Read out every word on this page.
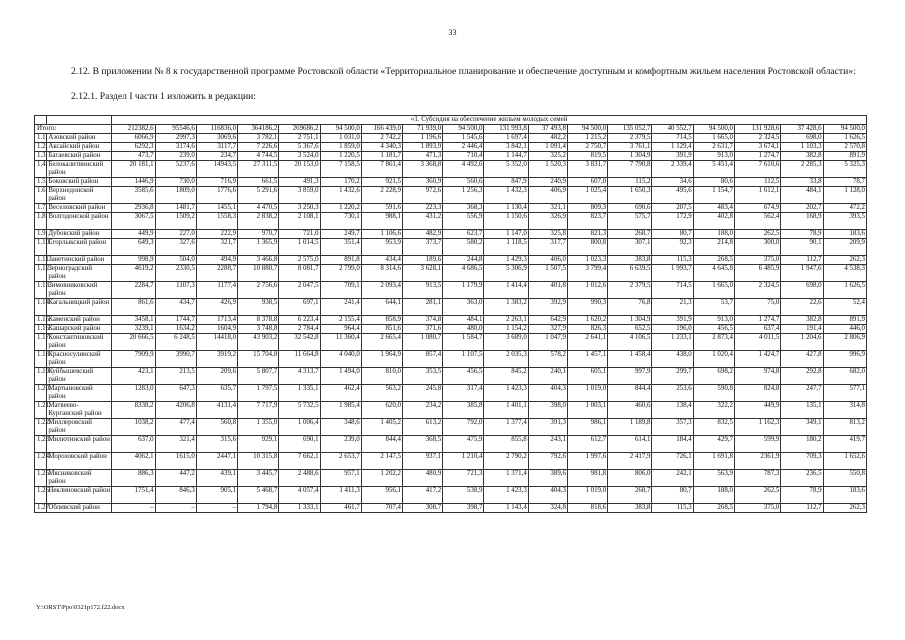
33
2.12. В приложении № 8 к государственной программе Ростовской области «Территориальное планирование и обеспечение доступным и комфортным жильем населения Ростовской области»:
2.12.1. Раздел I части 1 изложить в редакции:
		«1. Субсидия на обеспечение жильем молодых семей																	
Итого:		212382,6	95546,6	116836,0	364186,2	269686,2	94 500,0	166 439,0	71 939,0	94 500,0	131 993,8	37 493,8	94 500,0	135 052,7	40 552,7	94 500,0	131 928,6	37 428,6	94 500,0
1.1.	Азовский район	6066,9	2997,3	3069,6	3 782,1	2 751,1	1 031,0	2 742,2	1 196,6	1 545,6	1 697,4	482,2	1 215,2	2 379,5	714,5	1 665,0	2 324,5	698,0	1 626,5
1.2.	Аксайский район	6292,3	3174,6	3117,7	7 226,6	5 367,6	1 859,0	4 340,3	1 893,9	2 446,4	3 842,1	1 091,4	2 750,7	3 761,1	1 129,4	2 631,7	3 674,1	1 103,3	2 570,8
1.3.	Багаевский район	473,7	239,0	234,7	4 744,5	3 524,0	1 220,5	1 181,7	471,3	710,4	1 144,7	325,2	819,5	1 304,9	391,9	913,0	1 274,7	382,8	891,9
1.4.	Белокалитвинский район	20 181,1	5237,6	14943,5	27 311,5	20 153,0	7 158,5	7 861,4	3 368,8	4 492,6	5 352,0	1 520,3	3 831,7	7 790,8	2 339,4	5 451,4	7 610,6	2 285,3	5 325,3
1.5.	Боковский район	1446,9	730,0	716,9	661,5	491,3	170,2	921,5	360,9	560,6	847,9	240,9	607,0	115,2	34,6	80,6	112,5	33,8	78,7
1.6.	Верхнедонской район	3585,6	1809,0	1776,6	5 291,6	3 859,0	1 432,6	2 228,9	972,6	1 256,3	1 432,3	406,9	1 025,4	1 650,3	495,6	1 154,7	1 612,1	484,1	1 128,0
1.7.	Веселовский район	2936,8	1481,7	1455,1	4 470,5	3 250,3	1 220,2	591,6	223,3	368,3	1 130,4	321,1	809,3	690,6	207,5	483,4	674,9	202,7	472,2
1.8.	Волгодонской район	3067,5	1509,2	1558,3	2 838,2	2 108,1	730,1	988,1	431,2	556,9	1 150,6	326,9	823,7	575,7	172,9	402,8	562,4	168,9	393,5
1.9.	Дубовский район	449,9	227,0	222,9	970,7	721,0	249,7	1 106,6	482,9	623,7	1 147,0	325,8	821,3	268,7	80,7	188,0	262,5	78,9	183,6
1.10.	Егорлыкский район	649,3	327,6	321,7	1 365,9	1 014,5	351,4	953,9	373,7	580,2	1 118,5	317,7	800,8	307,1	92,3	214,8	300,0	90,1	209,9
1.11.	Заветинский район	998,9	504,0	494,9	3 466,8	2 575,0	891,8	434,4	189,6	244,8	1 429,3	406,0	1 023,3	383,8	115,3	268,5	375,0	112,7	262,3
1.12.	Зерноградский район	4619,2	2330,5	2288,7	10 880,7	8 081,7	2 799,0	8 314,6	3 628,1	4 686,5	5 306,9	1 507,5	3 799,4	6 639,5	1 993,7	4 645,8	6 485,9	1 947,6	4 538,3
1.13.	Зимовниковский район	2284,7	1107,3	1177,4	2 756,6	2 047,5	709,1	2 093,4	913,5	1 179,9	1 414,4	401,8	1 012,6	2 379,5	714,5	1 665,0	2 324,5	698,0	1 626,5
1.14.	Кагальницкий район	861,6	434,7	426,9	938,5	697,1	241,4	644,1	281,1	363,0	1 383,2	392,9	990,3	76,8	21,3	53,7	75,0	22,6	52,4
1.15.	Каменский район	3458,1	1744,7	1713,4	8 378,8	6 223,4	2 155,4	858,9	374,8	484,1	2 263,1	642,9	1 620,2	1 304,9	391,9	913,0	1 274,7	382,8	891,9
1.16.	Кашарский район	3239,1	1634,2	1604,9	3 748,8	2 784,4	964,4	851,6	371,6	480,0	1 154,2	327,9	826,3	652,5	196,0	456,5	637,4	191,4	446,0
1.17.	Константиновский район	20 666,5	6 248,5	14418,0	43 903,2	32 542,8	11 360,4	2 665,4	1 080,7	1 584,7	3 689,0	1 047,9	2 641,1	4 106,5	1 233,1	2 873,4	4 011,5	1 204,6	2 806,9
1.18.	Красносулинский район	7909,9	3990,7	3919,2	15 704,8	11 664,8	4 040,0	1 964,9	857,4	1 107,5	2 035,3	578,2	1 457,1	1 458,4	438,0	1 020,4	1 424,7	427,8	996,9
1.19.	Куйбышевский район	423,1	213,5	209,6	5 807,7	4 313,7	1 494,0	810,0	353,5	456,5	845,2	240,1	605,1	997,9	299,7	698,2	974,8	292,8	682,0
1.20.	Мартыновский район	1283,0	647,3	635,7	1 797,5	1 335,1	462,4	563,2	245,8	317,4	1 423,3	404,3	1 019,0	844,4	253,6	590,8	824,8	247,7	577,1
1.21.	Матвеево-Курганский район	8338,2	4206,8	4131,4	7 717,9	5 732,5	1 985,4	620,0	234,2	385,8	1 401,1	398,0	1 003,1	460,6	138,4	322,2	449,9	135,1	314,8
1.22.	Миллеровский район	1038,2	477,4	560,8	1 355,0	1 006,4	348,6	1 405,2	613,2	792,0	1 377,4	391,3	986,1	1 189,8	357,3	832,5	1 162,3	349,1	813,2
1.23.	Милютинский район	637,0	321,4	315,6	929,1	690,1	239,0	844,4	368,5	475,9	855,8	243,1	612,7	614,1	184,4	429,7	599,9	180,2	419,7
1.24.	Морозовский район	4062,1	1615,0	2447,1	10 315,8	7 662,1	2 653,7	2 147,5	937,1	1 210,4	2 790,2	792,6	1 997,6	2 417,9	726,1	1 691,8	2361,9	709,3	1 652,6
1.25.	Мясниковский район	886,3	447,2	439,1	3 445,7	2 488,6	957,1	1 202,2	480,9	721,3	1 371,4	389,6	981,8	806,0	242,1	563,9	787,3	236,5	550,8
1.26.	Неклиновский район	1751,4	846,3	905,1	5 468,7	4 057,4	1 411,3	956,1	417,2	538,9	1 423,3	404,3	1 019,0	268,7	80,7	188,0	262,5	78,9	183,6
1.27.	Обливский район	–	–	–	1 794,8	1 333,1	461,7	707,4	308,7	398,7	1 143,4	324,8	818,6	383,8	115,3	268,5	375,0	112,7	262,3
Y:\ORST\Ppo\0321p172.f22.docx
